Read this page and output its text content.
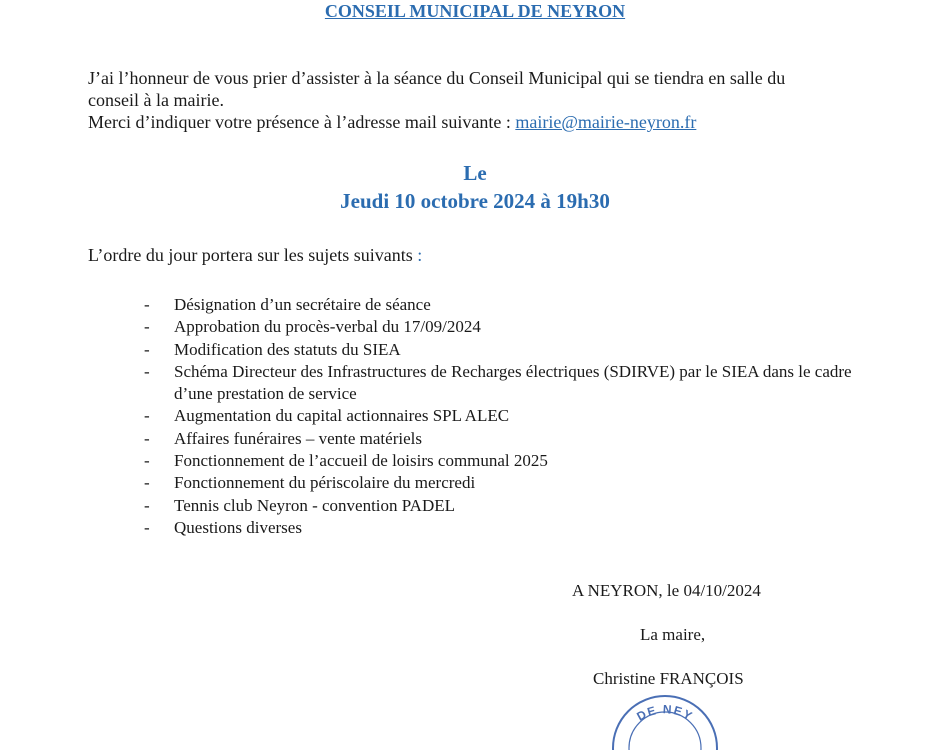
CONSEIL MUNICIPAL DE NEYRON

J’ai l’honneur de vous prier d’assister à la séance du Conseil Municipal qui se tiendra en salle du

conseil à la mairie.

Merci d’indiquer votre présence à l’adresse mail suivante : mairie@mairie-neyron.fr

Le
Jeudi 10 octobre 2024 à 19h30
L’ordre du jour portera sur les sujets suivants :
- Désignation d’un secrétaire de séance
- Approbation du procès-verbal du 17/09/2024
- Modification des statuts du SIEA
- Schéma Directeur des Infrastructures de Recharges électriques (SDIRVE) par le SIEA dans le cadre d’une prestation de service
- Augmentation du capital actionnaires SPL ALEC
- Affaires funéraires – vente matériels
- Fonctionnement de l’accueil de loisirs communal 2025
- Fonctionnement du périscolaire du mercredi
- Tennis club Neyron - convention PADEL
- Questions diverses
A NEYRON, le 04/10/2024
La maire,
Christine FRANÇOIS
DE NEY
